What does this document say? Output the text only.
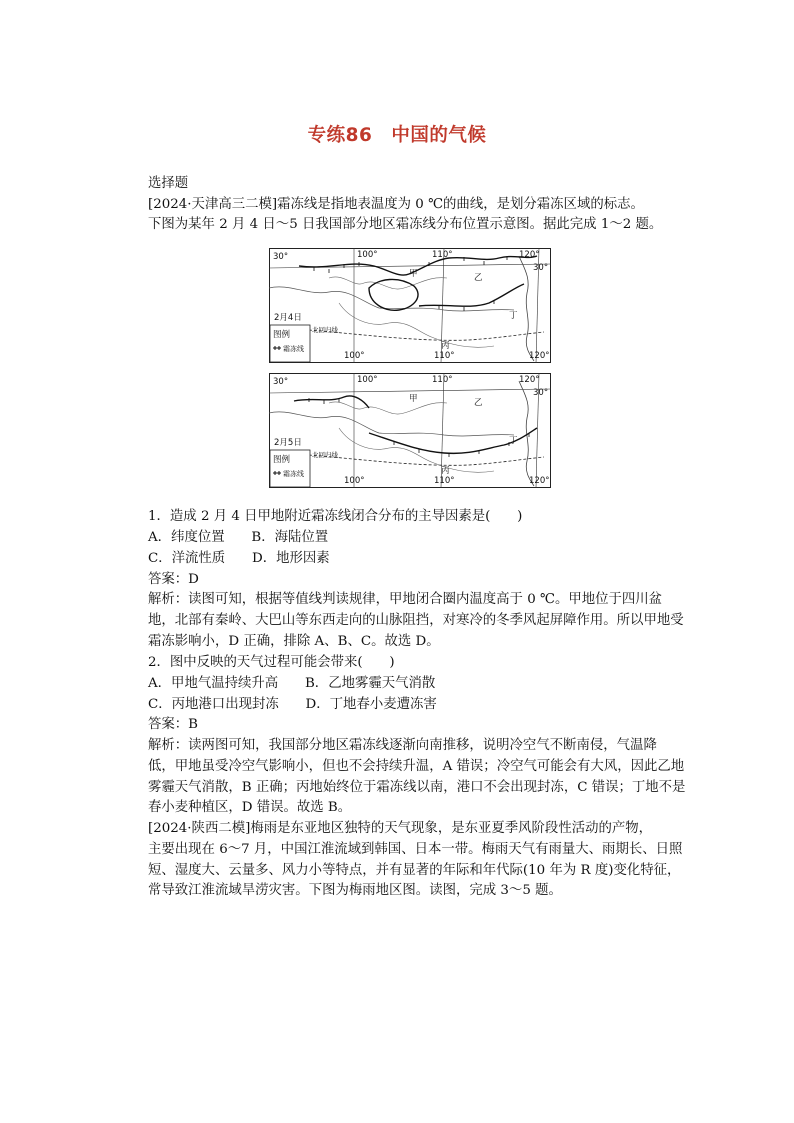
专练86　中国的气候
选择题
[2024·天津高三二模]霜冻线是指地表温度为 0 ℃的曲线，是划分霜冻区域的标志。
下图为某年 2 月 4 日～5 日我国部分地区霜冻线分布位置示意图。据此完成 1～2 题。
30°
30°
100°	110°	120°
100°	110°	120°
甲	乙
丙
丁
2月4日
图例
霜冻线
北回归线
30°
30°
100°	110°	120°
100°	110°	120°
甲	乙
丙
丁
2月5日
图例
霜冻线
北回归线
1．造成 2 月 4 日甲地附近霜冻线闭合分布的主导因素是(　　)
A．纬度位置　　B．海陆位置
C．洋流性质　　D．地形因素
答案：D
解析：读图可知，根据等值线判读规律，甲地闭合圈内温度高于 0 ℃。甲地位于四川盆
地，北部有秦岭、大巴山等东西走向的山脉阻挡，对寒冷的冬季风起屏障作用。所以甲地受
霜冻影响小，D 正确，排除 A、B、C。故选 D。
2．图中反映的天气过程可能会带来(　　)
A．甲地气温持续升高　　B．乙地雾霾天气消散
C．丙地港口出现封冻　　D．丁地春小麦遭冻害
答案：B
解析：读两图可知，我国部分地区霜冻线逐渐向南推移，说明冷空气不断南侵，气温降
低，甲地虽受冷空气影响小，但也不会持续升温，A 错误；冷空气可能会有大风，因此乙地
雾霾天气消散，B 正确；丙地始终位于霜冻线以南，港口不会出现封冻，C 错误；丁地不是
春小麦种植区，D 错误。故选 B。
[2024·陕西二模]梅雨是东亚地区独特的天气现象，是东亚夏季风阶段性活动的产物，
主要出现在 6～7 月，中国江淮流域到韩国、日本一带。梅雨天气有雨量大、雨期长、日照
短、湿度大、云量多、风力小等特点，并有显著的年际和年代际(10 年为 R 度)变化特征，
常导致江淮流域旱涝灾害。下图为梅雨地区图。读图，完成 3～5 题。
